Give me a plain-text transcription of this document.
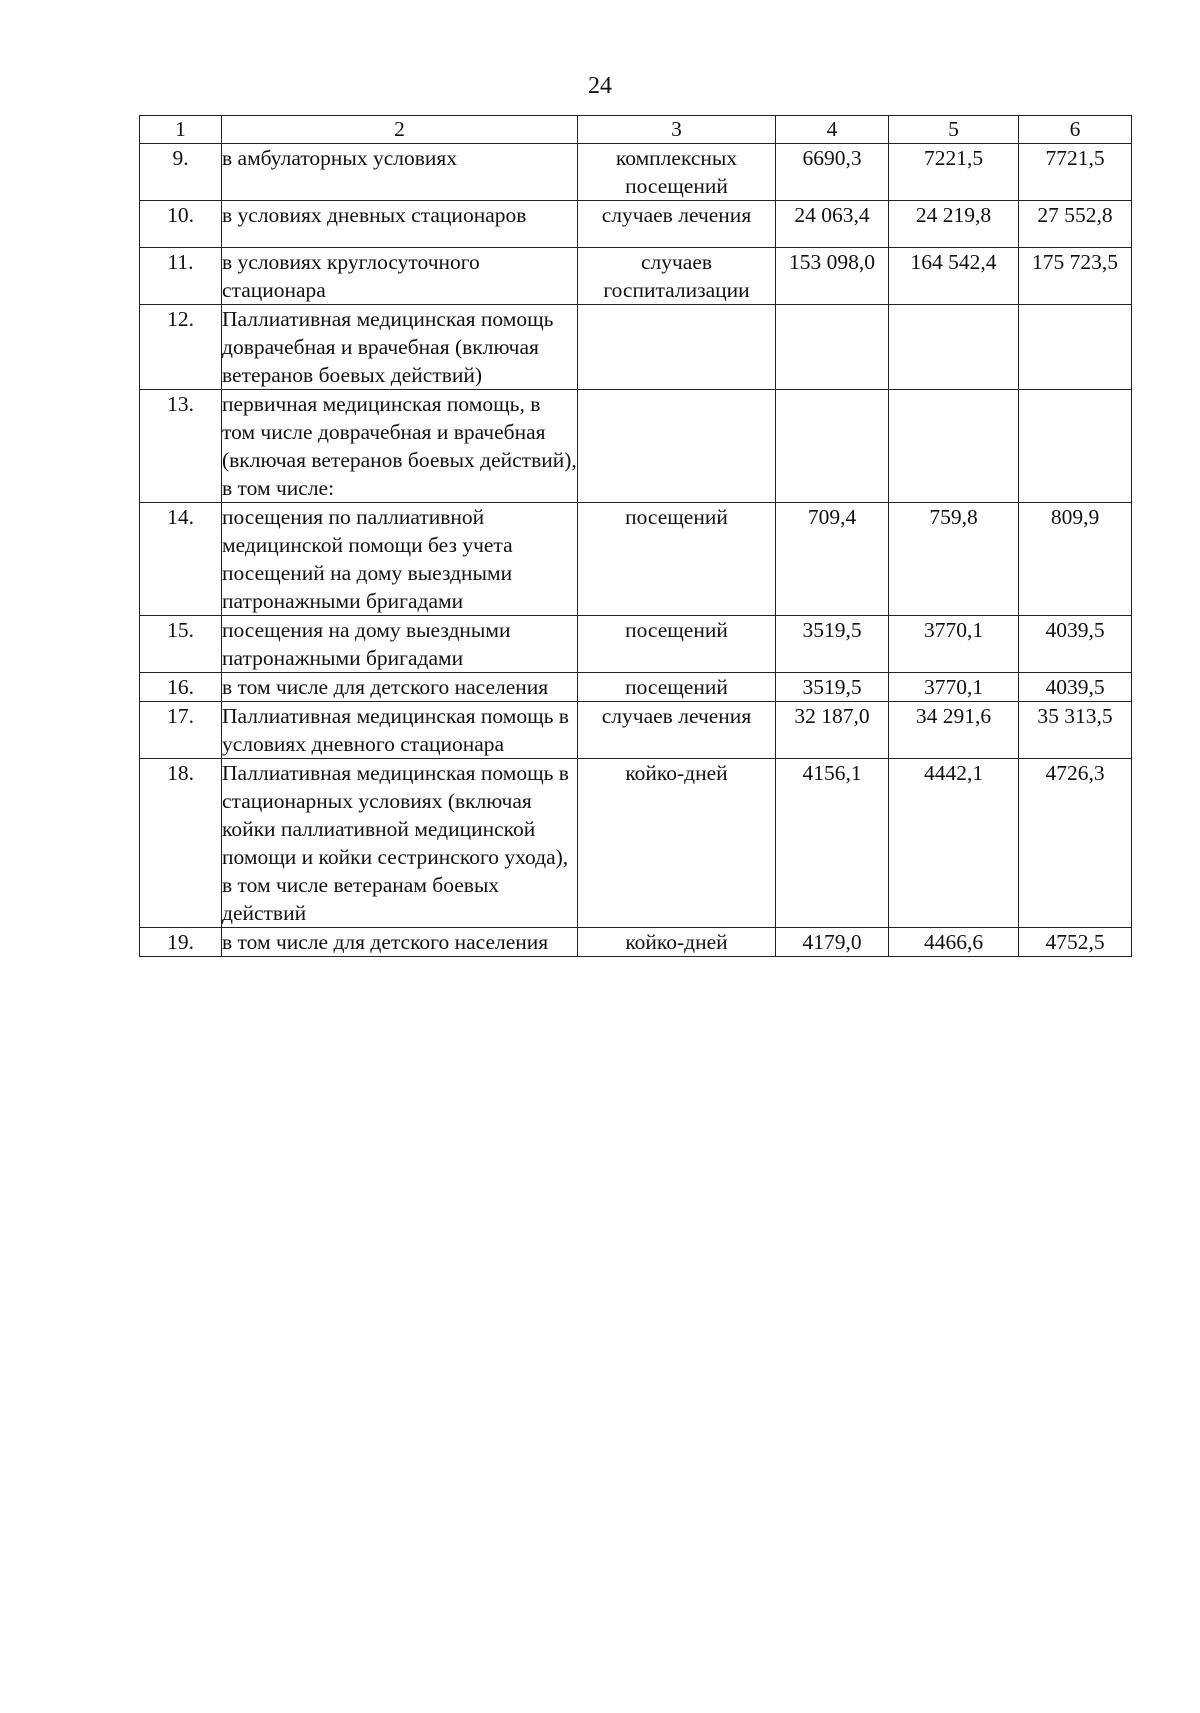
24
1	2	3	4	5	6
9.	в амбулаторных условиях	комплексных посещений	6690,3	7221,5	7721,5
10.	в условиях дневных стационаров	случаев лечения	24 063,4	24 219,8	27 552,8
11.	в условиях круглосуточного стационара	случаев госпитализации	153 098,0	164 542,4	175 723,5
12.	Паллиативная медицинская помощь доврачебная и врачебная (включая ветеранов боевых действий)				
13.	первичная медицинская помощь, в том числе доврачебная и врачебная (включая ветеранов боевых действий), в том числе:				
14.	посещения по паллиативной медицинской помощи без учета посещений на дому выездными патронажными бригадами	посещений	709,4	759,8	809,9
15.	посещения на дому выездными патронажными бригадами	посещений	3519,5	3770,1	4039,5
16.	в том числе для детского населения	посещений	3519,5	3770,1	4039,5
17.	Паллиативная медицинская помощь в условиях дневного стационара	случаев лечения	32 187,0	34 291,6	35 313,5
18.	Паллиативная медицинская помощь в стационарных условиях (включая койки паллиативной медицинской помощи и койки сестринского ухода), в том числе ветеранам боевых действий	койко-дней	4156,1	4442,1	4726,3
19.	в том числе для детского населения	койко-дней	4179,0	4466,6	4752,5
